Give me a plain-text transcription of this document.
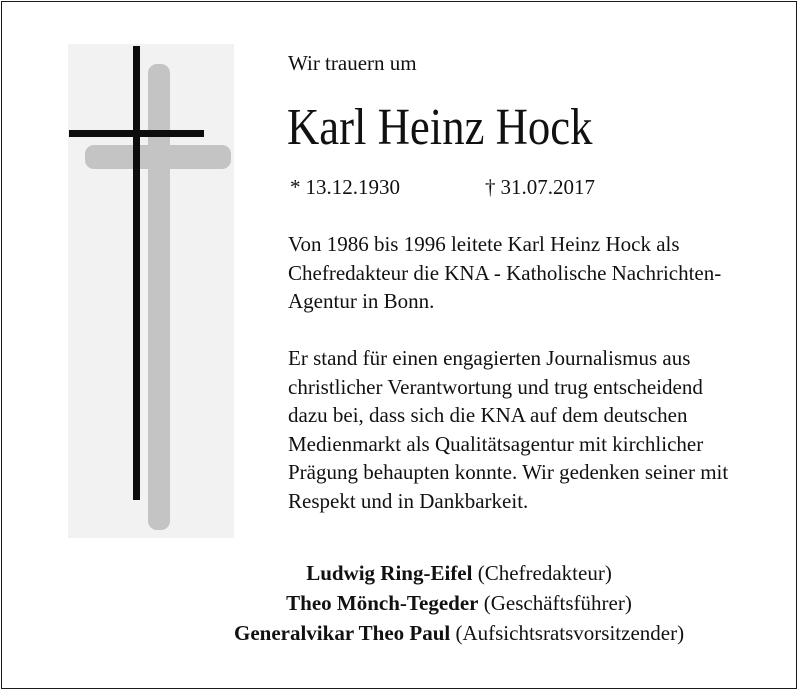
Wir trauern um
Karl Heinz Hock
* 13.12.1930	† 31.07.2017

Von 1986 bis 1996 leitete Karl Heinz Hock als
Chefredakteur die KNA - Katholische Nachrichten-
Agentur in Bonn.

Er stand für einen engagierten Journalismus aus
christlicher Verantwortung und trug entscheidend
dazu bei, dass sich die KNA auf dem deutschen
Medienmarkt als Qualitätsagentur mit kirchlicher
Prägung behaupten konnte. Wir gedenken seiner mit
Respekt und in Dankbarkeit.

Ludwig Ring-Eifel (Chefredakteur)
Theo Mönch-Tegeder (Geschäftsführer)
Generalvikar Theo Paul (Aufsichtsratsvorsitzender)
